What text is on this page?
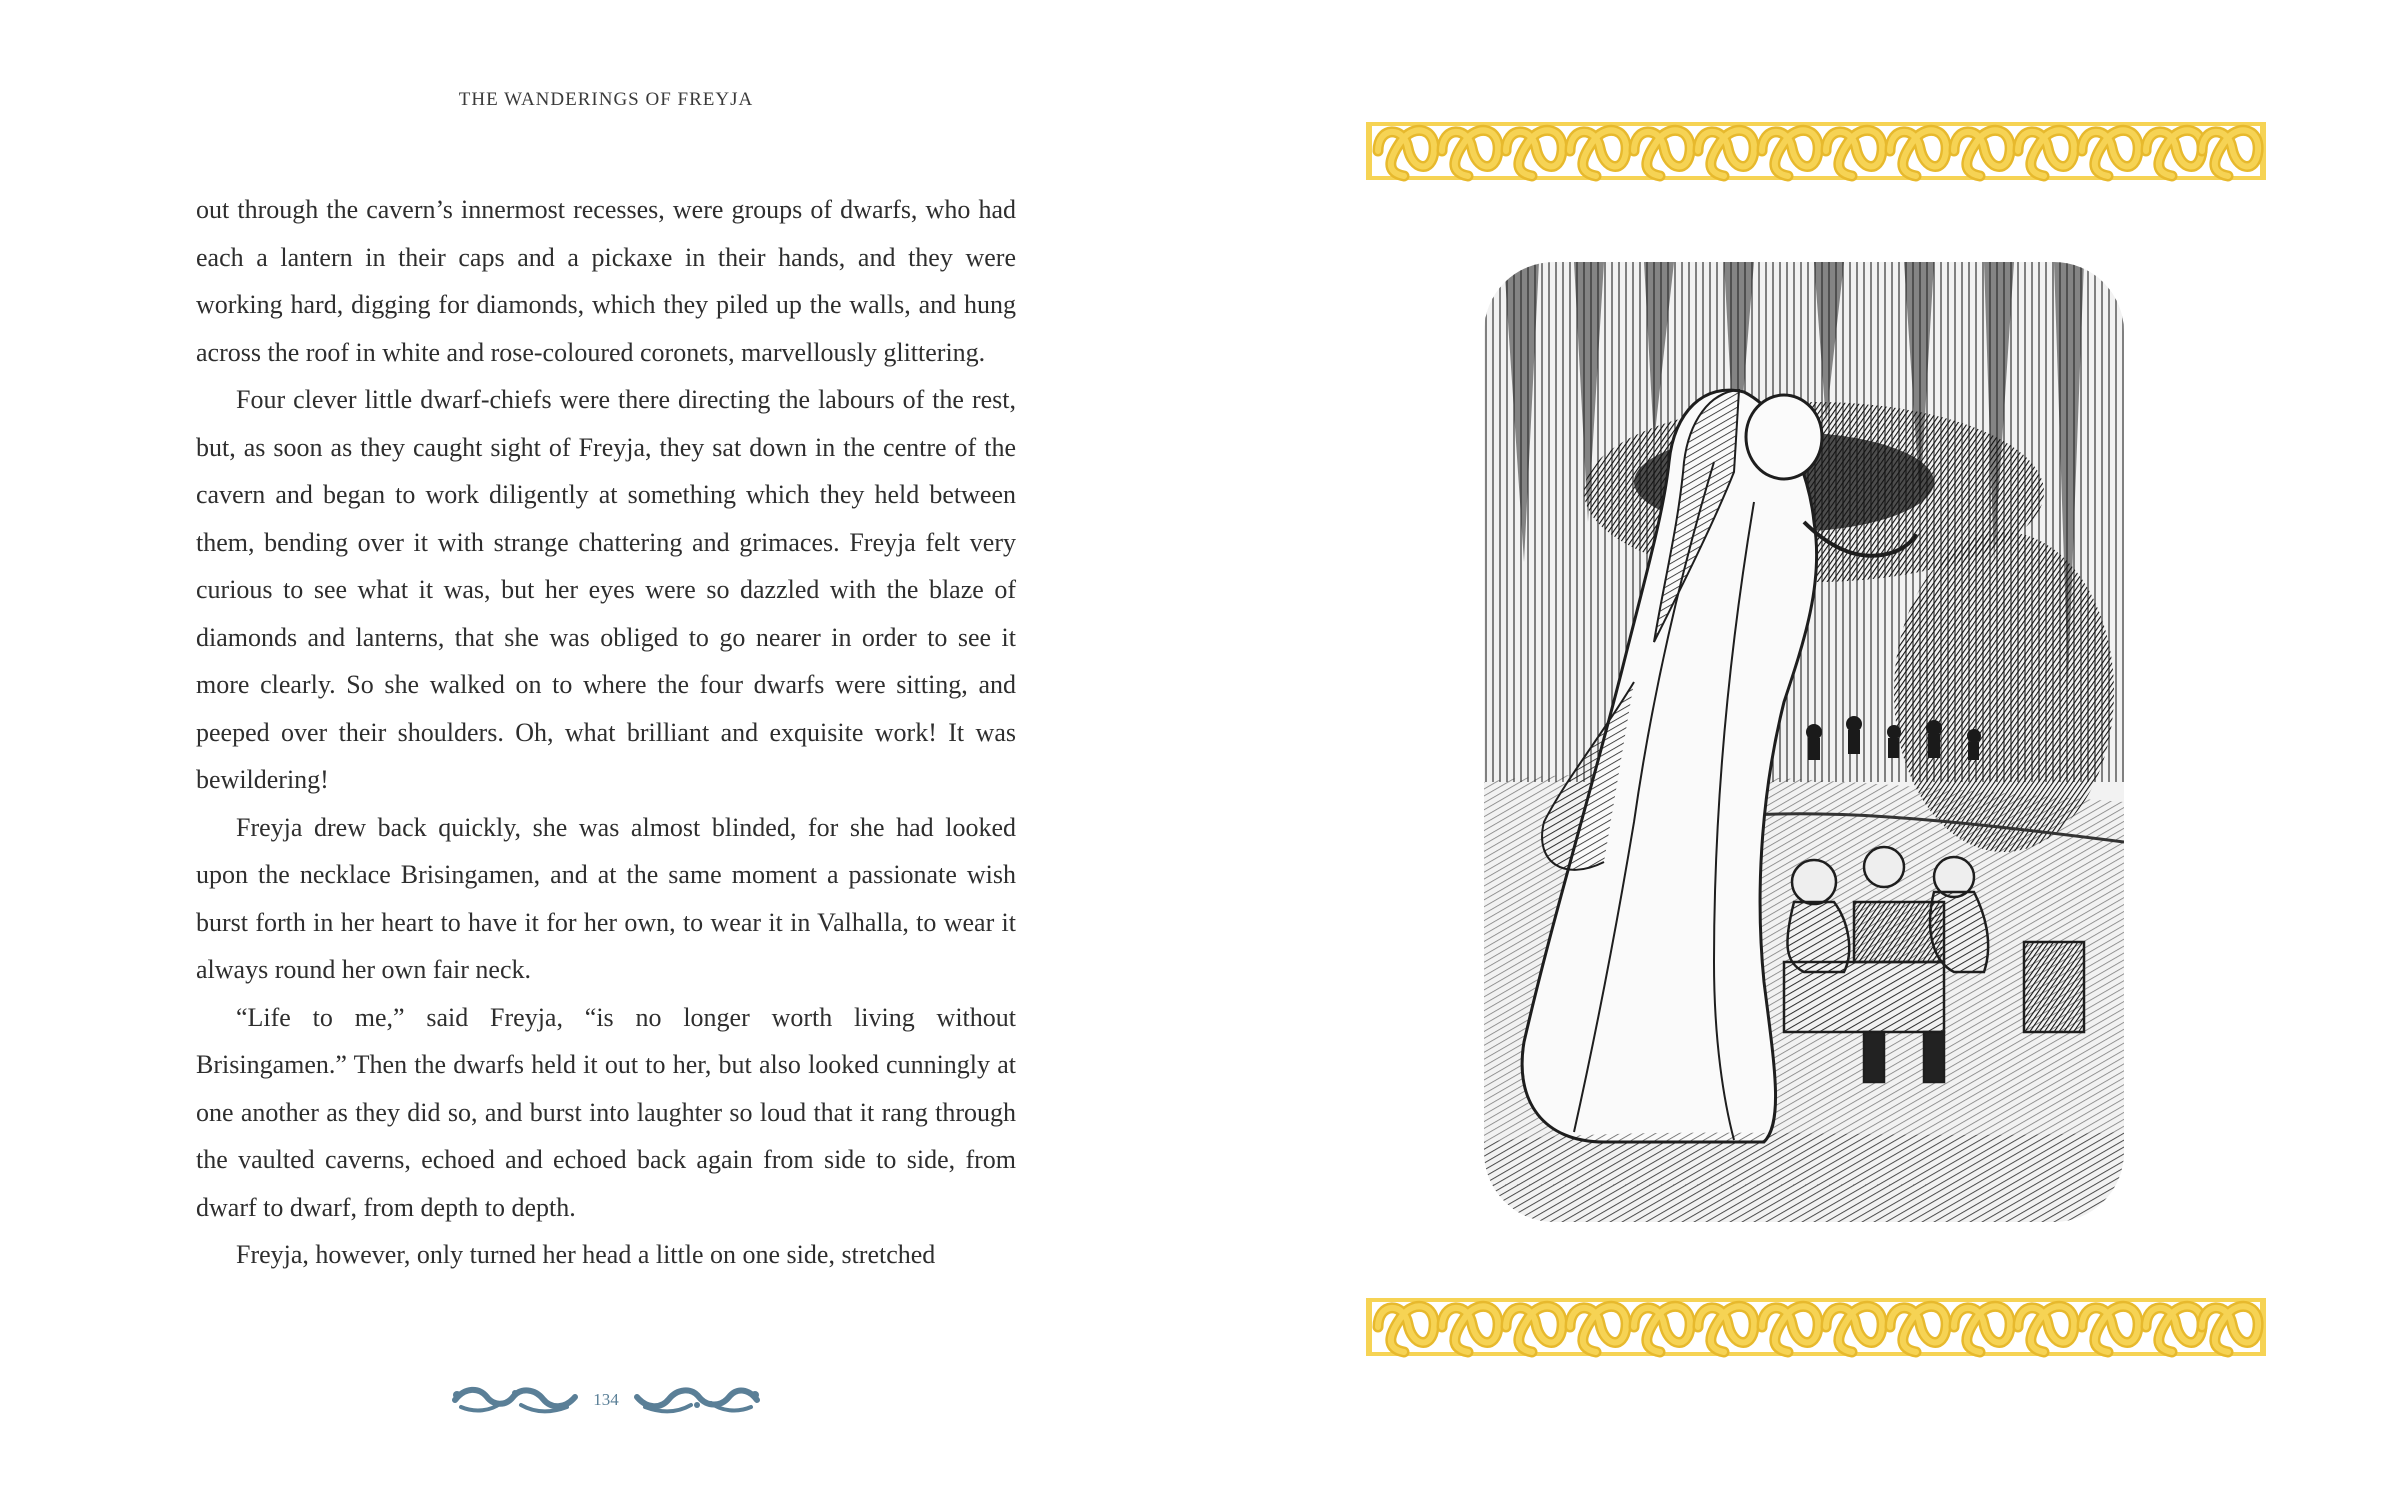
THE WANDERINGS OF FREYJA

out through the cavern’s innermost recesses, were groups of dwarfs, who had each a lantern in their caps and a pickaxe in their hands, and they were working hard, digging for diamonds, which they piled up the walls, and hung across the roof in white and rose-coloured coronets, marvellously glittering.

Four clever little dwarf-chiefs were there directing the labours of the rest, but, as soon as they caught sight of Freyja, they sat down in the centre of the cavern and began to work diligently at something which they held between them, bending over it with strange chattering and grimaces. Freyja felt very curious to see what it was, but her eyes were so dazzled with the blaze of diamonds and lanterns, that she was obliged to go nearer in order to see it more clearly. So she walked on to where the four dwarfs were sitting, and peeped over their shoulders. Oh, what brilliant and exquisite work! It was bewildering!

Freyja drew back quickly, she was almost blinded, for she had looked upon the necklace Brisingamen, and at the same moment a passionate wish burst forth in her heart to have it for her own, to wear it in Valhalla, to wear it always round her own fair neck.

“Life to me,” said Freyja, “is no longer worth living without Brisingamen.” Then the dwarfs held it out to her, but also looked cunningly at one another as they did so, and burst into laughter so loud that it rang through the vaulted caverns, echoed and echoed back again from side to side, from dwarf to dwarf, from depth to depth.

Freyja, however, only turned her head a little on one side, stretched

134
